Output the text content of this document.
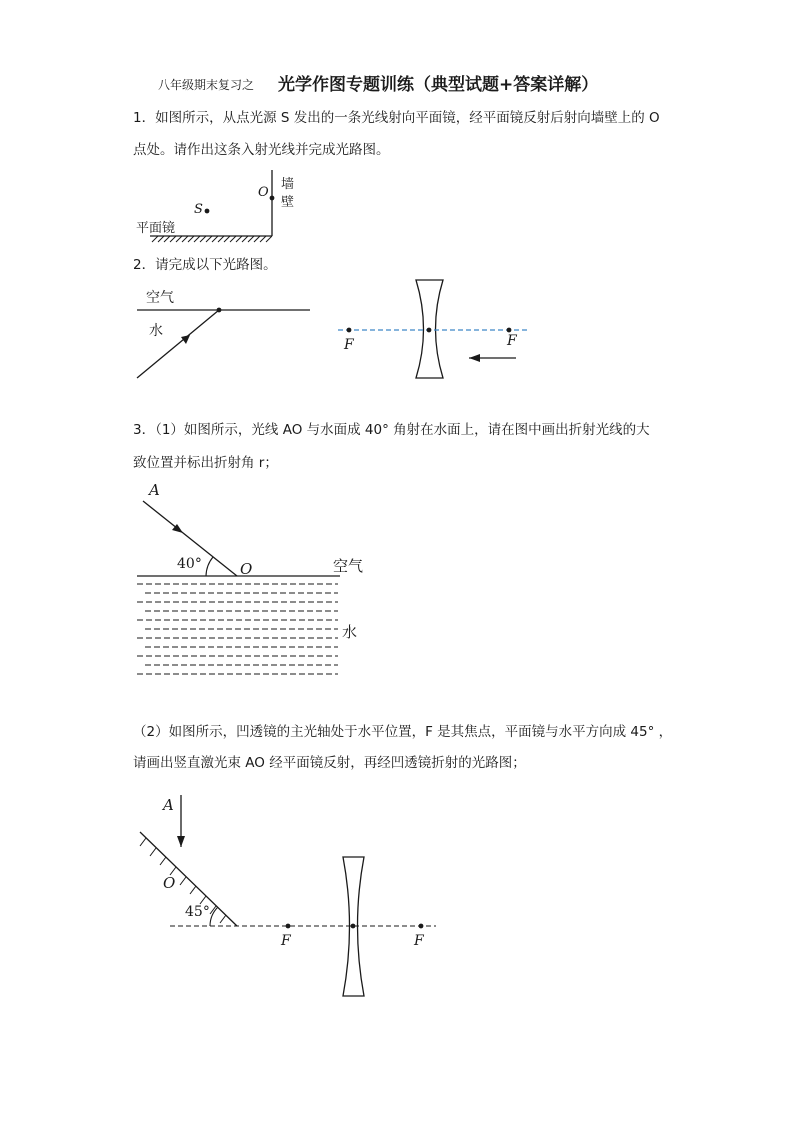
八年级期末复习之 光学作图专题训练（典型试题+答案详解）
1．如图所示，从点光源 S 发出的一条光线射向平面镜，经平面镜反射后射向墙壁上的 O
点处。请作出这条入射光线并完成光路图。
墙
壁
O
S
平面镜
2．请完成以下光路图。
空气
水
F	F
3．（1）如图所示，光线 AO 与水面成 40° 角射在水面上，请在图中画出折射光线的大
致位置并标出折射角 r；
A
40°	O	空气
水
（2）如图所示，凹透镜的主光轴处于水平位置，F 是其焦点，平面镜与水平方向成 45° ，
请画出竖直激光束 AO 经平面镜反射，再经凹透镜折射的光路图；
A
O
45°
F	F
